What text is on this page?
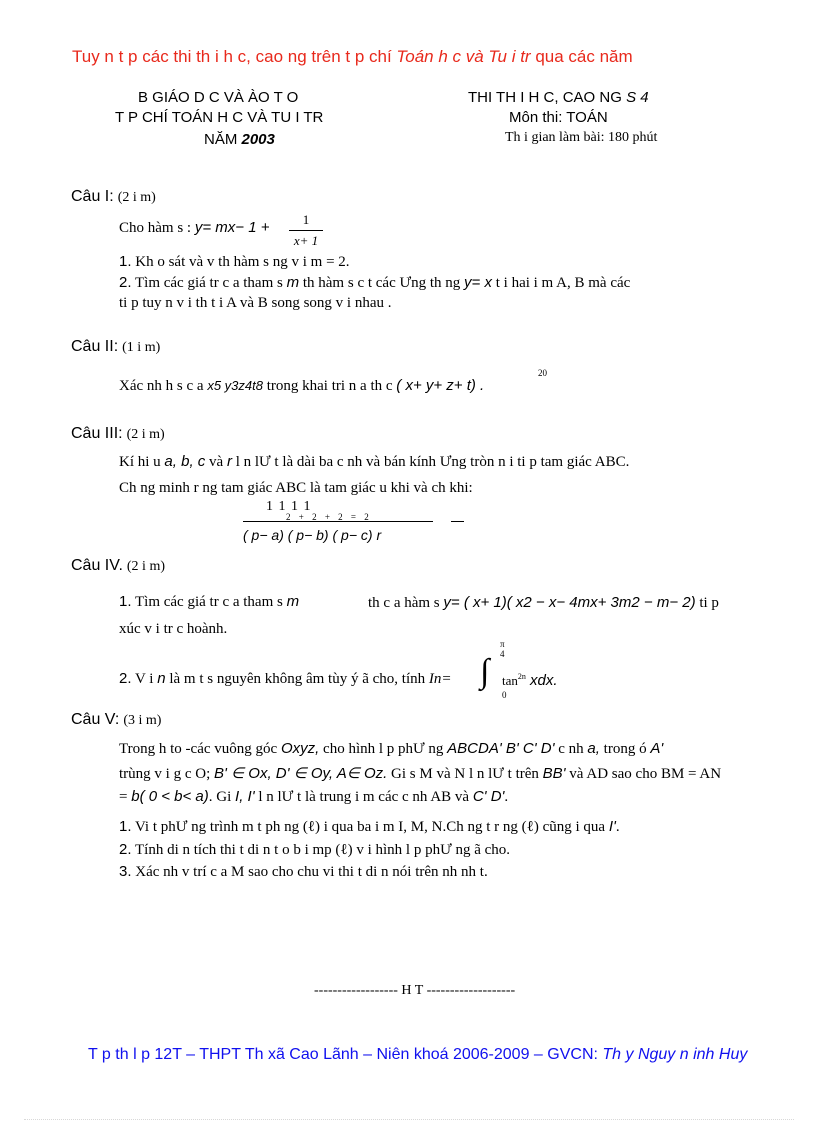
Tuy n t p các thi th i h c, cao ng trên t p chí Toán h c và Tu i tr qua các năm
B GIÁO D C VÀ ÀO T O
T P CHÍ TOÁN H C VÀ TU I TR
NĂM 2003
THI TH I H C, CAO NG S 4
Môn thi: TOÁN
Th i gian làm bài: 180 phút
Câu I: (2 i m)
Cho hàm s : $y= mx- 1 + \frac{1}{x+ 1}$
1. Kh o sát và v th hàm s ng v i m = 2.
2. Tìm các giá tr c a tham s m th hàm s c t các Ưng th ng y= x t i hai i m A, B mà các
ti p tuy n v i th t i A và B song song v i nhau .
Câu II: (1 i m)
Xác nh h s c a x5 y3z4t8 trong khai tri n a th c ( x+ y+ z+ t) .
20
Câu III: (2 i m)
Kí hi u a, b, c và r l n lƯ t là dài ba c nh và bán kính Ưng tròn n i ti p tam giác ABC.
Ch ng minh r ng tam giác ABC là tam giác u khi và ch khi:
1 1 1 1
2 + 2 + 2 = 2
( p− a) ( p− b) ( p− c) r
Câu IV. (2 i m)
1. Tìm các giá tr c a tham s m	th c a hàm s y= ( x+ 1)( x2 − x− 4mx+ 3m2 − m− 2) ti p
xúc v i tr c hoành.
2. V i n là m t s nguyên không âm tùy ý ã cho, tính In=
π
4
∫
0
$\tan^{2n}$ xdx.
Câu V: (3 i m)
Trong h to -các vuông góc Oxyz, cho hình l p phƯ ng ABCDA' B' C' D' c nh a, trong ó A'
trùng v i g c O; B' ∈ Ox, D' ∈ Oy, A∈ Oz. Gi s M và N l n lƯ t trên BB' và AD sao cho BM = AN
= b( 0 < b< a). Gi I, I' l n lƯ t là trung i m các c nh AB và C' D'.
1. Vi t phƯ ng trình m t ph ng (ℓ) i qua ba i m I, M, N.Ch ng t r ng (ℓ) cũng i qua I'.
2. Tính di n tích thi t di n t o b i mp (ℓ) v i hình l p phƯ ng ã cho.
3. Xác nh v trí c a M sao cho chu vi thi t di n nói trên nh nh t.
------------------ H T -------------------
T p th l p 12T – THPT Th xã Cao Lãnh – Niên khoá 2006-2009 – GVCN: Th y Nguy n inh Huy
